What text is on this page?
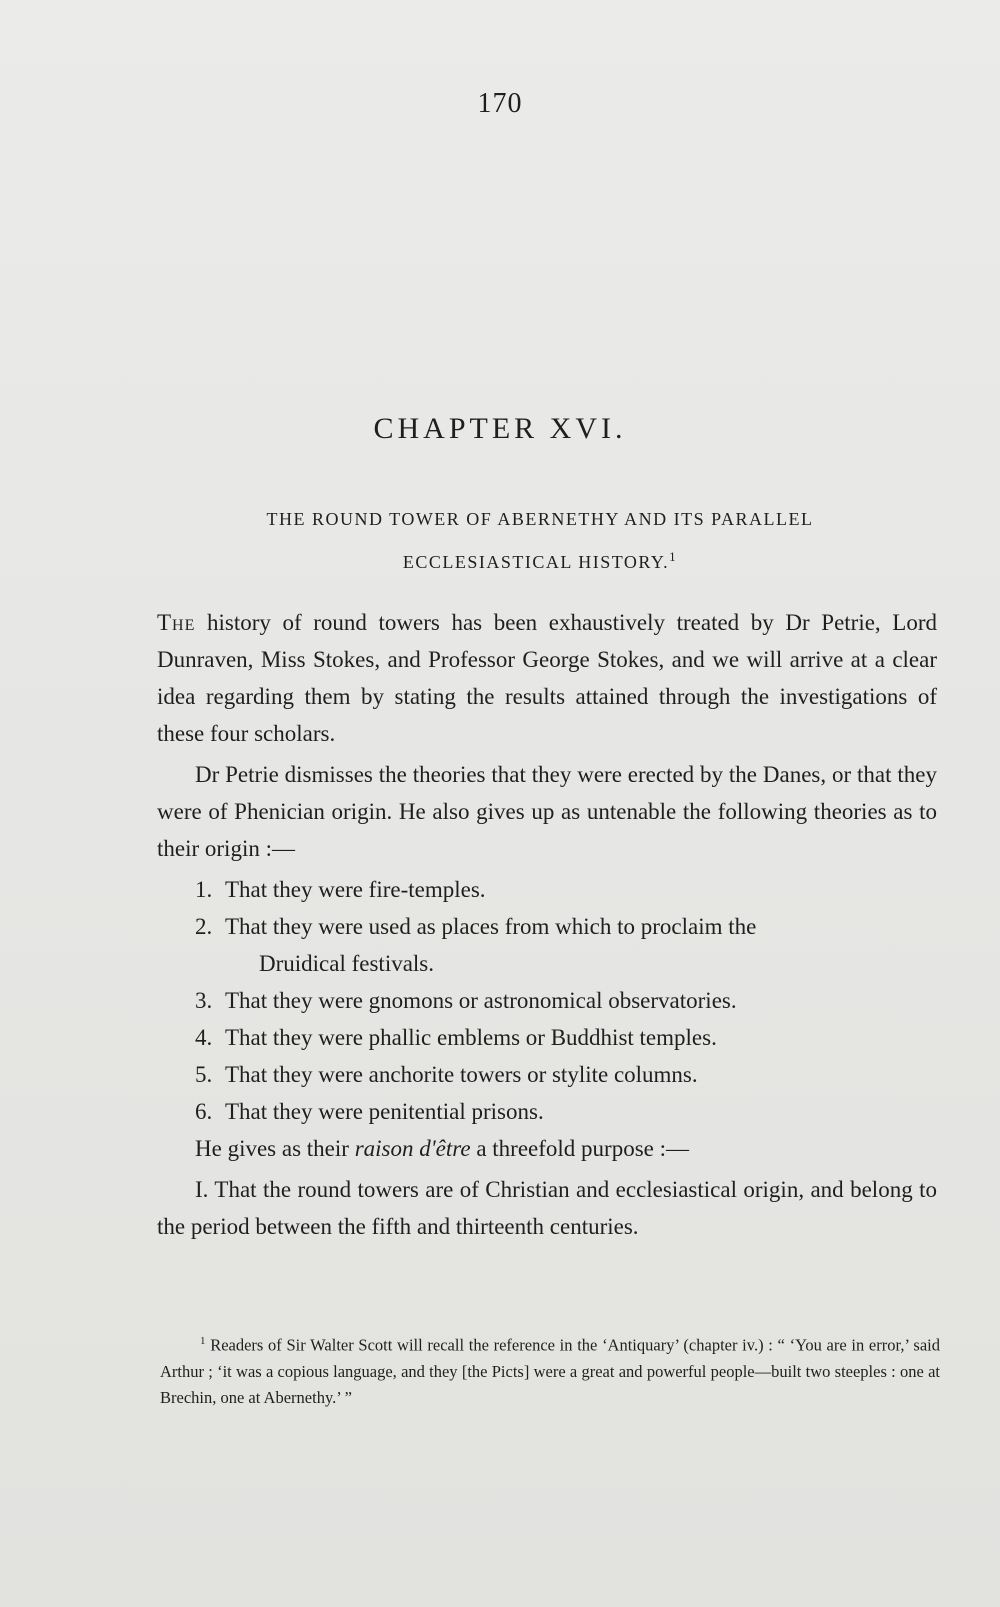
170
CHAPTER XVI.
THE ROUND TOWER OF ABERNETHY AND ITS PARALLEL
ECCLESIASTICAL HISTORY.$^1$

The history of round towers has been exhaustively treated by Dr Petrie, Lord Dunraven, Miss Stokes, and Professor George Stokes, and we will arrive at a clear idea regarding them by stating the results attained through the investigations of these four scholars.

Dr Petrie dismisses the theories that they were erected by the Danes, or that they were of Phenician origin. He also gives up as untenable the following theories as to their origin :—

1. That they were fire-temples.
2. That they were used as places from which to proclaim the
Druidical festivals.
3. That they were gnomons or astronomical observatories.
4. That they were phallic emblems or Buddhist temples.
5. That they were anchorite towers or stylite columns.
6. That they were penitential prisons.

He gives as their raison d'être a threefold purpose :—

I. That the round towers are of Christian and ecclesiastical origin, and belong to the period between the fifth and thirteenth centuries.

$^1$ Readers of Sir Walter Scott will recall the reference in the ‘Antiquary’ (chapter iv.) : “ ‘You are in error,’ said Arthur ; ‘it was a copious language, and they [the Picts] were a great and powerful people—built two steeples : one at Brechin, one at Abernethy.’ ”
